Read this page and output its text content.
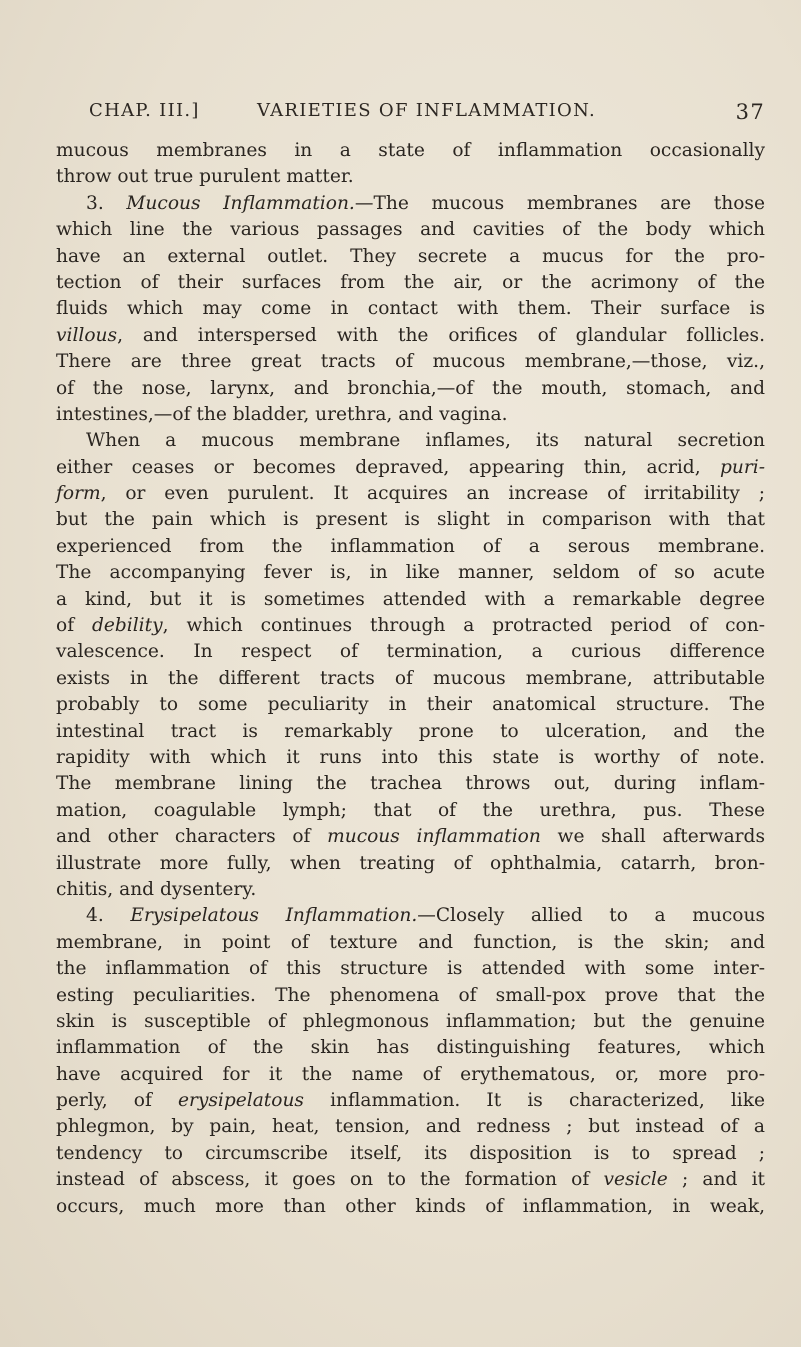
CHAP. III.]	VARIETIES OF INFLAMMATION.	37
mucous membranes in a state of inflammation occasionally
throw out true purulent matter.
3. Mucous Inflammation.—The mucous membranes are those
which line the various passages and cavities of the body which
have an external outlet. They secrete a mucus for the pro-
tection of their surfaces from the air, or the acrimony of the
fluids which may come in contact with them. Their surface is
villous, and interspersed with the orifices of glandular follicles.
There are three great tracts of mucous membrane,—those, viz.,
of the nose, larynx, and bronchia,—of the mouth, stomach, and
intestines,—of the bladder, urethra, and vagina.
When a mucous membrane inflames, its natural secretion
either ceases or becomes depraved, appearing thin, acrid, puri-
form, or even purulent. It acquires an increase of irritability ;
but the pain which is present is slight in comparison with that
experienced from the inflammation of a serous membrane.
The accompanying fever is, in like manner, seldom of so acute
a kind, but it is sometimes attended with a remarkable degree
of debility, which continues through a protracted period of con-
valescence. In respect of termination, a curious difference
exists in the different tracts of mucous membrane, attributable
probably to some peculiarity in their anatomical structure. The
intestinal tract is remarkably prone to ulceration, and the
rapidity with which it runs into this state is worthy of note.
The membrane lining the trachea throws out, during inflam-
mation, coagulable lymph; that of the urethra, pus. These
and other characters of mucous inflammation we shall afterwards
illustrate more fully, when treating of ophthalmia, catarrh, bron-
chitis, and dysentery.
4. Erysipelatous Inflammation.—Closely allied to a mucous
membrane, in point of texture and function, is the skin; and
the inflammation of this structure is attended with some inter-
esting peculiarities. The phenomena of small-pox prove that the
skin is susceptible of phlegmonous inflammation; but the genuine
inflammation of the skin has distinguishing features, which
have acquired for it the name of erythematous, or, more pro-
perly, of erysipelatous inflammation. It is characterized, like
phlegmon, by pain, heat, tension, and redness ; but instead of a
tendency to circumscribe itself, its disposition is to spread ;
instead of abscess, it goes on to the formation of vesicle ; and it
occurs, much more than other kinds of inflammation, in weak,
